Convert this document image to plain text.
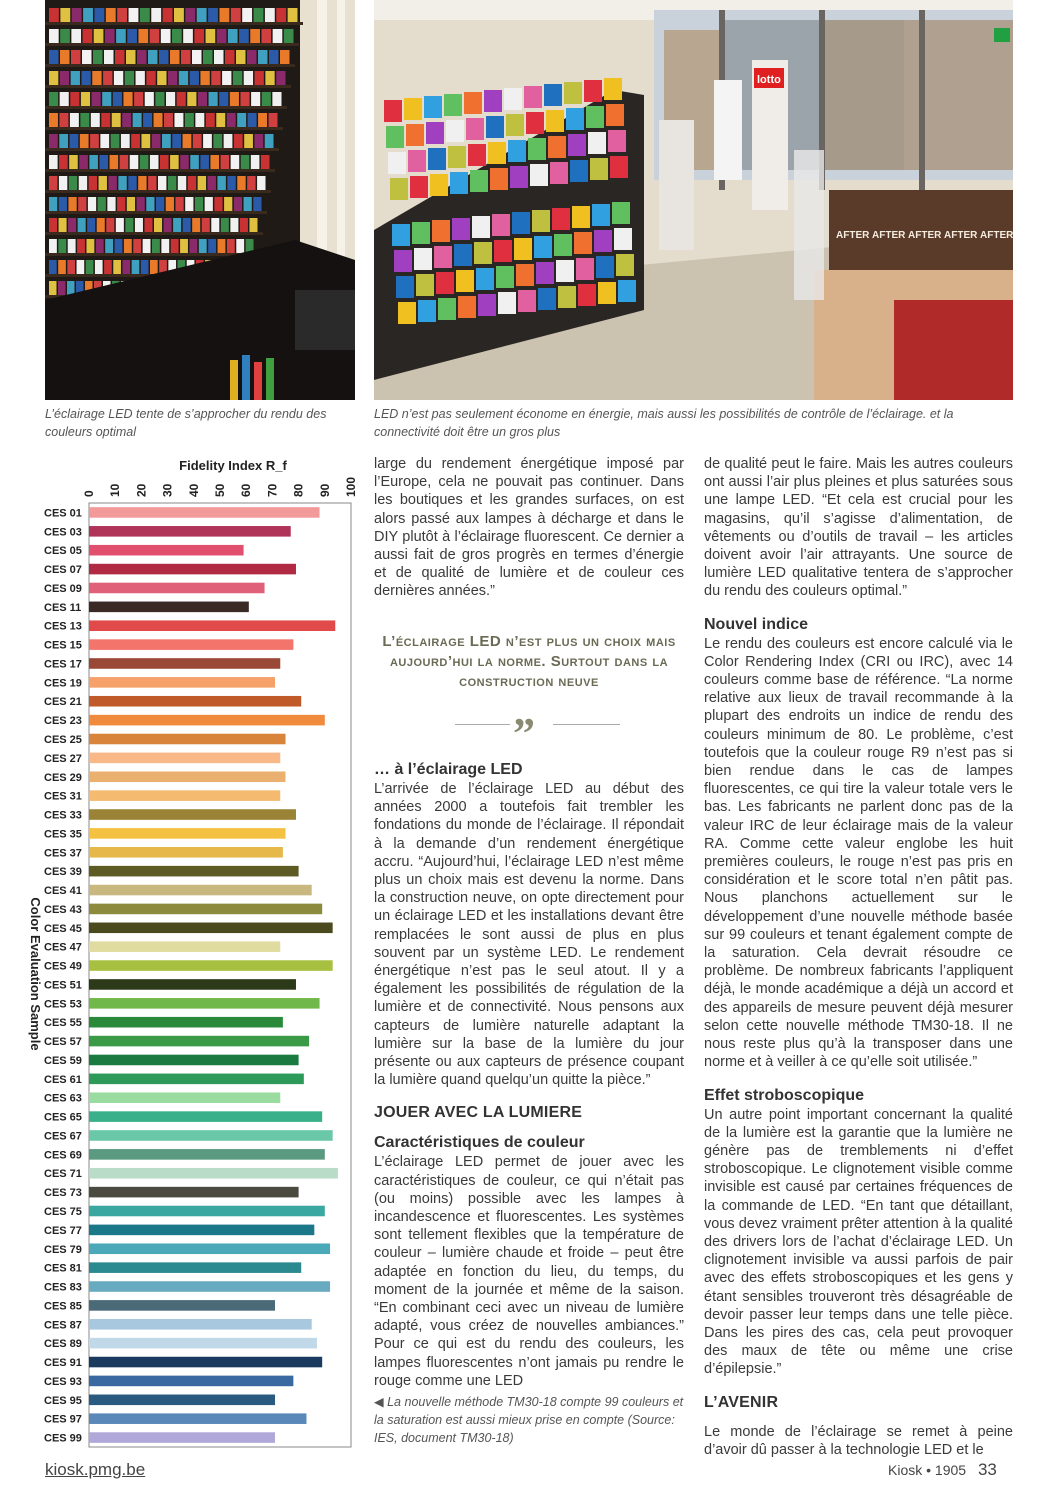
L’éclairage LED tente de s’approcher du rendu des couleurs optimal
lotto
AFTER AFTER AFTER AFTER AFTER
LED n’est pas seulement économe en énergie, mais aussi les possibilités de contrôle de l’éclairage. et la connectivité doit être un gros plus
Fidelity Index R_f
0 10 20 30 40 50 60 70 80 90 100
CES 01
CES 03
CES 05
CES 07
CES 09
CES 11
CES 13
CES 15
CES 17
CES 19
CES 21
CES 23
CES 25
CES 27
CES 29
CES 31
CES 33
CES 35
CES 37
CES 39
CES 41
CES 43
CES 45
CES 47
CES 49
CES 51
CES 53
CES 55
CES 57
CES 59
CES 61
CES 63
CES 65
CES 67
CES 69
CES 71
CES 73
CES 75
CES 77
CES 79
CES 81
CES 83
CES 85
CES 87
CES 89
CES 91
CES 93
CES 95
CES 97
CES 99
Color Evaluation Sample

large du rendement énergétique imposé par l’Europe, cela ne pouvait pas continuer. Dans les boutiques et les grandes surfaces, on est alors passé aux lampes à décharge et dans le DIY plutôt à l’éclairage fluorescent. Ce dernier a aussi fait de gros progrès en termes d’énergie et de qualité de lumière et de couleur ces dernières années.”

L’éclairage LED n’est plus un choix mais aujourd’hui la norme. Surtout dans la construction neuve
”

… à l’éclairage LED

L’arrivée de l’éclairage LED au début des années 2000 a toutefois fait trembler les fondations du monde de l’éclairage. Il répondait à la demande d’un rendement énergétique accru. “Aujourd’hui, l’éclairage LED n’est même plus un choix mais est devenu la norme. Dans la construction neuve, on opte directement pour un éclairage LED et les installations devant être remplacées le sont aussi de plus en plus souvent par un système LED. Le rendement énergétique n’est pas le seul atout. Il y a également les possibilités de régulation de la lumière et de connectivité. Nous pensons aux capteurs de lumière naturelle adaptant la lumière sur la base de la lumière du jour présente ou aux capteurs de présence coupant la lumière quand quelqu’un quitte la pièce.”

JOUER AVEC LA LUMIERE

Caractéristiques de couleur

L’éclairage LED permet de jouer avec les caractéristiques de couleur, ce qui n’était pas (ou moins) possible avec les lampes à incandescence et fluorescentes. Les systèmes sont tellement flexibles que la température de couleur – lumière chaude et froide – peut être adaptée en fonction du lieu, du temps, du moment de la journée et même de la saison. “En combinant ceci avec un niveau de lumière adapté, vous créez de nouvelles ambiances.” Pour ce qui est du rendu des couleurs, les lampes fluorescentes n’ont jamais pu rendre le rouge comme une LED

◀ La nouvelle méthode TM30-18 compte 99 couleurs et la saturation est aussi mieux prise en compte (Source: IES, document TM30-18)

de qualité peut le faire. Mais les autres couleurs ont aussi l’air plus pleines et plus saturées sous une lampe LED. “Et cela est crucial pour les magasins, qu’il s’agisse d’alimentation, de vêtements ou d’outils de travail – les articles doivent avoir l’air attrayants. Une source de lumière LED qualitative tentera de s’approcher du rendu des couleurs optimal.”

Nouvel indice

Le rendu des couleurs est encore calculé via le Color Rendering Index (CRI ou IRC), avec 14 couleurs comme base de référence. “La norme relative aux lieux de travail recommande à la plupart des endroits un indice de rendu des couleurs minimum de 80. Le problème, c’est toutefois que la couleur rouge R9 n’est pas si bien rendue dans le cas de lampes fluorescentes, ce qui tire la valeur totale vers le bas. Les fabricants ne parlent donc pas de la valeur IRC de leur éclairage mais de la valeur RA. Comme cette valeur englobe les huit premières couleurs, le rouge n’est pas pris en considération et le score total n’en pâtit pas. Nous planchons actuellement sur le développement d’une nouvelle méthode basée sur 99 couleurs et tenant également compte de la saturation. Cela devrait résoudre ce problème. De nombreux fabricants l’appliquent déjà, le monde académique a déjà un accord et des appareils de mesure peuvent déjà mesurer selon cette nouvelle méthode TM30-18. Il ne nous reste plus qu’à la transposer dans une norme et à veiller à ce qu’elle soit utilisée.”

Effet stroboscopique

Un autre point important concernant la qualité de la lumière est la garantie que la lumière ne génère pas de tremblements ni d’effet stroboscopique. Le clignotement visible comme invisible est causé par certaines fréquences de la commande de LED. “En tant que détaillant, vous devez vraiment prêter attention à la qualité des drivers lors de l’achat d’éclairage LED. Un clignotement invisible va aussi parfois de pair avec des effets stroboscopiques et les gens y étant sensibles trouveront très désagréable de devoir passer leur temps dans une telle pièce. Dans les pires des cas, cela peut provoquer des maux de tête ou même une crise d’épilepsie.”

L’AVENIR

Le monde de l’éclairage se remet à peine d’avoir dû passer à la technologie LED et le

kiosk.pmg.be	Kiosk • 1905 33
